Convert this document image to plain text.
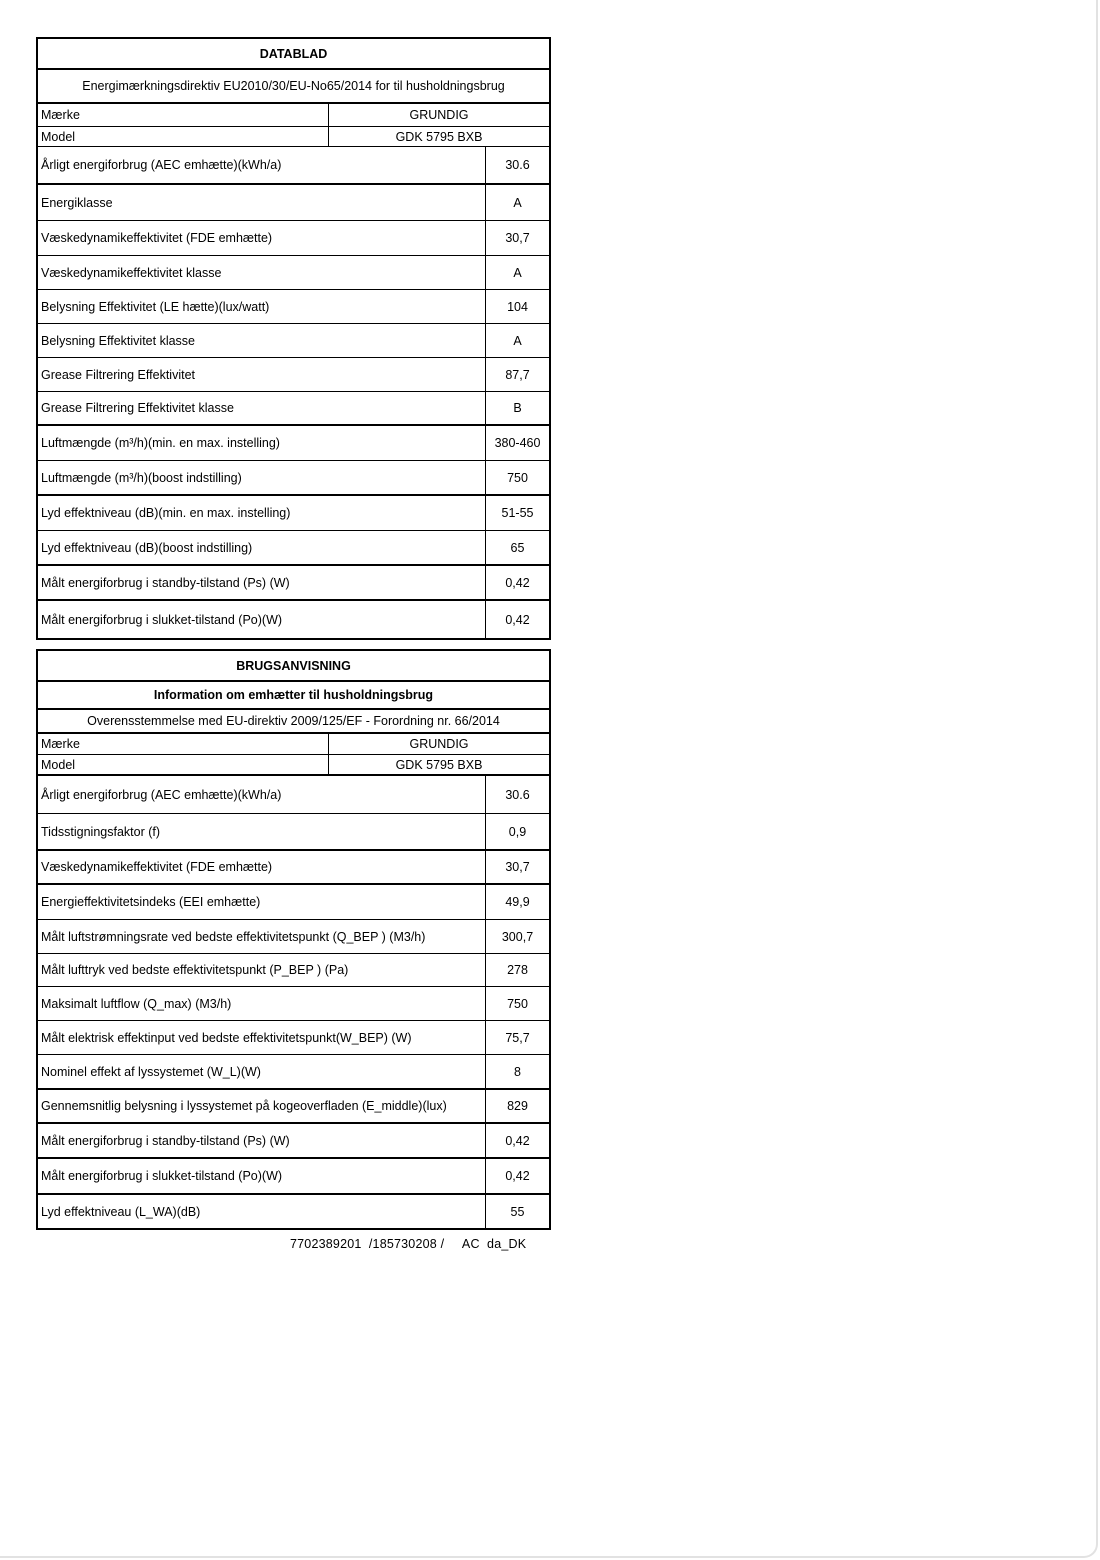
DATABLAD
Energimærkningsdirektiv EU2010/30/EU-No65/2014 for til husholdningsbrug
Mærke	GRUNDIG
Model	GDK 5795 BXB
Årligt energiforbrug (AEC emhætte)(kWh/a)	30.6
Energiklasse	A
Væskedynamikeffektivitet (FDE emhætte)	30,7
Væskedynamikeffektivitet klasse	A
Belysning Effektivitet (LE hætte)(lux/watt)	104
Belysning Effektivitet klasse	A
Grease Filtrering Effektivitet	87,7
Grease Filtrering Effektivitet klasse	B
Luftmængde (m³/h)(min. en max. instelling)	380-460
Luftmængde (m³/h)(boost indstilling)	750
Lyd effektniveau (dB)(min. en max. instelling)	51-55
Lyd effektniveau (dB)(boost indstilling)	65
Målt energiforbrug i standby-tilstand (Ps) (W)	0,42
Målt energiforbrug i slukket-tilstand (Po)(W)	0,42
BRUGSANVISNING
Information om emhætter til husholdningsbrug
Overensstemmelse med EU-direktiv 2009/125/EF - Forordning nr. 66/2014
Mærke	GRUNDIG
Model	GDK 5795 BXB
Årligt energiforbrug (AEC emhætte)(kWh/a)	30.6
Tidsstigningsfaktor (f)	0,9
Væskedynamikeffektivitet (FDE emhætte)	30,7
Energieffektivitetsindeks (EEI emhætte)	49,9
Målt luftstrømningsrate ved bedste effektivitetspunkt (Q_BEP ) (M3/h)	300,7
Målt lufttryk ved bedste effektivitetspunkt (P_BEP ) (Pa)	278
Maksimalt luftflow (Q_max) (M3/h)	750
Målt elektrisk effektinput ved bedste effektivitetspunkt(W_BEP) (W)	75,7
Nominel effekt af lyssystemet (W_L)(W)	8
Gennemsnitlig belysning i lyssystemet på kogeoverfladen (E_middle)(lux)	829
Målt energiforbrug i standby-tilstand (Ps) (W)	0,42
Målt energiforbrug i slukket-tilstand (Po)(W)	0,42
Lyd effektniveau (L_WA)(dB)	55
7702389201  /185730208 /     AC  da_DK
